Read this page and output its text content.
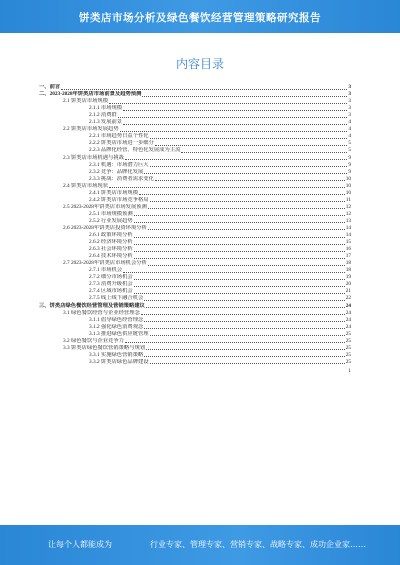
饼类店市场分析及绿色餐饮经营管理策略研究报告
内容目录
一、前言	3
二、2023-2028年饼类店市场前景及趋势预测	3
2.1 饼类店市场规模	3
2.1.1 市场规模	3
2.1.2 消费群	3
2.1.3 发展前景	4
2.2 饼类店市场发展趋势	4
2.2.1 市场趋势日益个性化	4
2.2.2 饼类店市场进一步细分	5
2.2.3 品牌化经营、特色化发展成为主流	5
2.3 饼类店市场机遇与挑战	9
2.3.1 机遇：市场潜力巨大	9
2.3.2 竞争：品牌化发展	9
2.3.3 挑战：消费者需求变化	10
2.4 饼类店市场现状	10
2.4.1 饼类店市场规模	10
2.4.2 饼类店市场竞争格局	11
2.5 2023-2028年饼类店市场发展预测	12
2.5.1 市场规模预测	12
2.5.2 行业发展趋势	13
2.6 2023-2028年饼类店投资环境分析	14
2.6.1 政策环境分析	14
2.6.2 经济环境分析	15
2.6.3 社会环境分析	16
2.6.4 技术环境分析	17
2.7 2023-2028年饼类店市场机会分析	18
2.7.1 市场机会	18
2.7.2 细分市场机会	19
2.7.3 消费升级机会	20
2.7.4 区域市场机会	21
2.7.5 线上线下融合机会	22
三、饼类店绿色餐饮经营管理及营销策略建议	24
3.1 绿色餐饮经营与企业经营理念	24
3.1.1 倡导绿色经营理念	24
3.1.2 强化绿色消费观念	24
3.1.3 推进绿色供应链管理	25
3.2 绿色餐饮与企业竞争力	25
3.3 饼类店绿色餐饮营销策略与规划	25
3.3.1 实施绿色营销策略	25
3.3.2 饼类店绿色品牌建设	25
1
让每个人都能成为	行业专家、管理专家、营销专家、战略专家、成功企业家……
